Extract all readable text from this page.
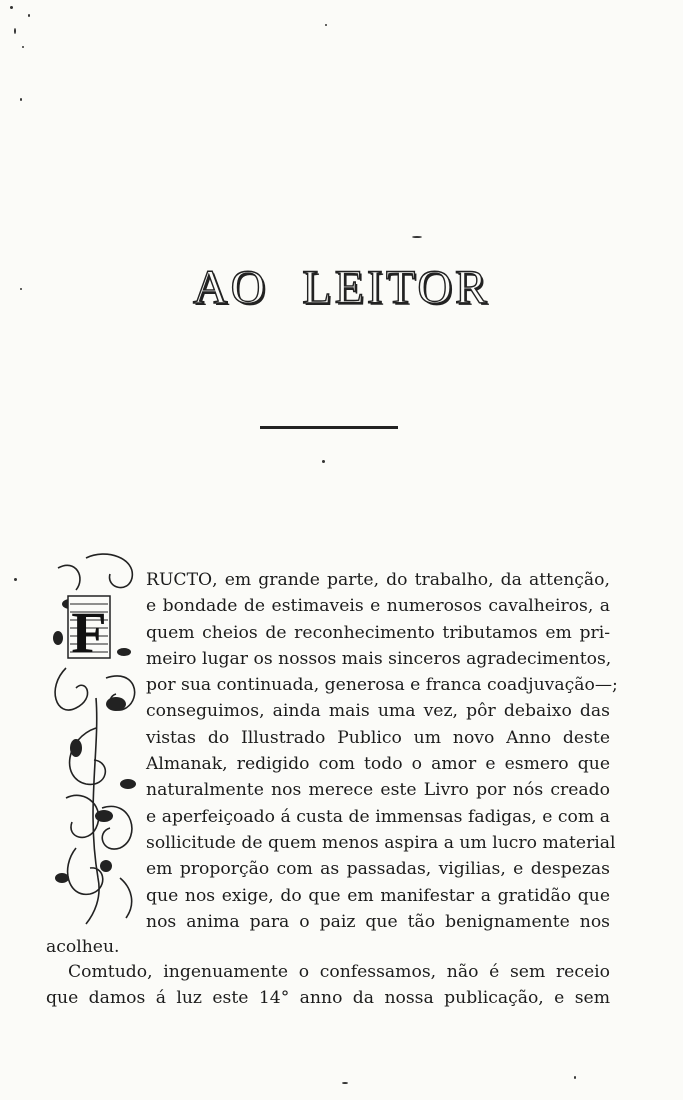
AO LEITOR
F
RUCTO, em grande parte, do trabalho, da attenção,
e bondade de estimaveis e numerosos cavalheiros, a
quem cheios de reconhecimento tributamos em pri-
meiro lugar os nossos mais sinceros agradecimentos,
por sua continuada, generosa e franca coadjuvação—;
conseguimos, ainda mais uma vez, pôr debaixo das
vistas do Illustrado Publico um novo Anno deste
Almanak, redigido com todo o amor e esmero que
naturalmente nos merece este Livro por nós creado
e aperfeiçoado á custa de immensas fadigas, e com a
sollicitude de quem menos aspira a um lucro material
em proporção com as passadas, vigilias, e despezas
que nos exige, do que em manifestar a gratidão que
nos anima para o paiz que tão benignamente nos
acolheu.
Comtudo, ingenuamente o confessamos, não é sem receio
que damos á luz este 14° anno da nossa publicação, e sem
